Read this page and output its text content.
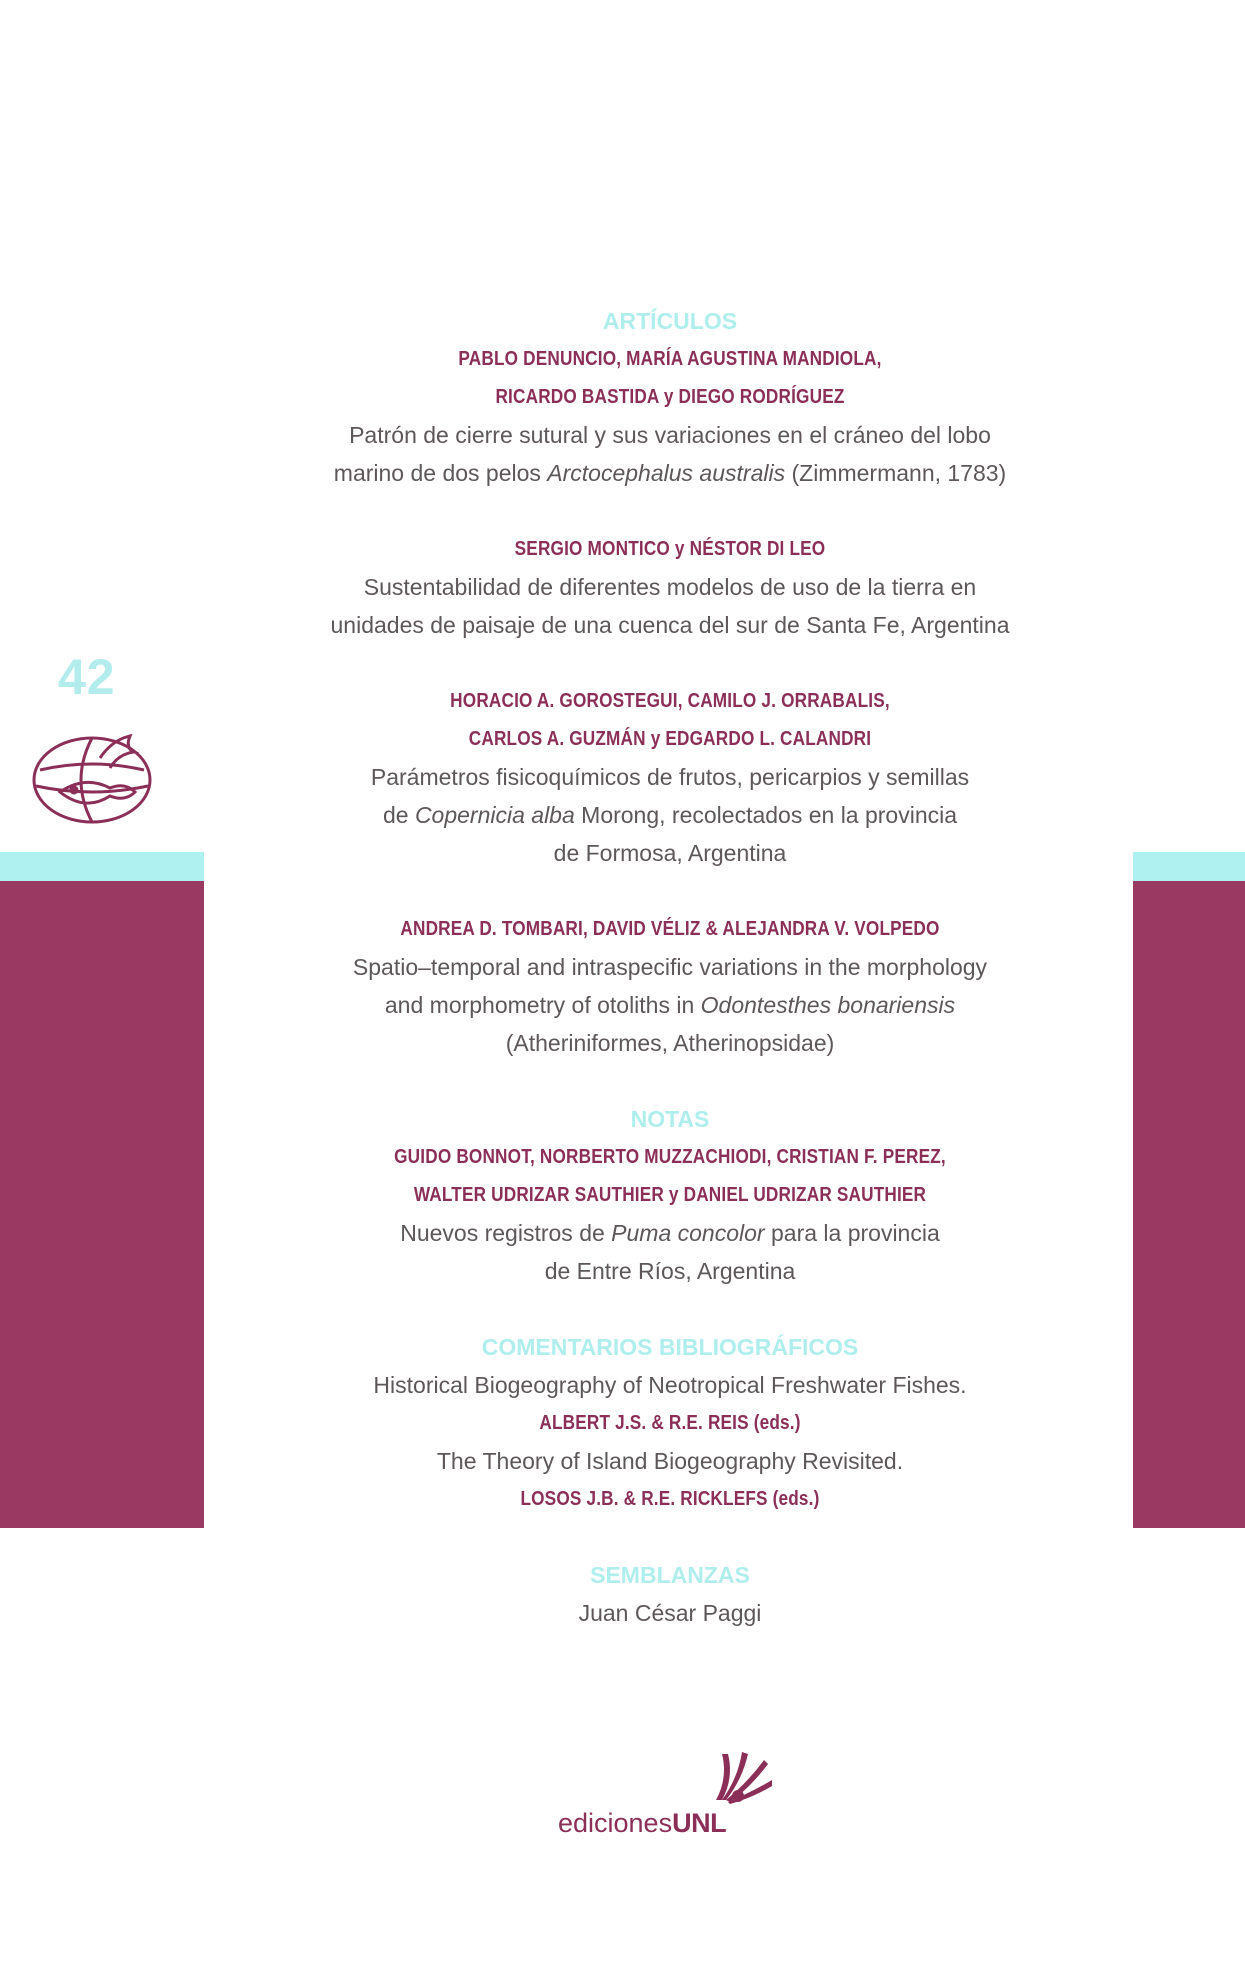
42
ARTÍCULOS
PABLO DENUNCIO, MARÍA AGUSTINA MANDIOLA,
RICARDO BASTIDA y DIEGO RODRÍGUEZ
Patrón de cierre sutural y sus variaciones en el cráneo del lobo
marino de dos pelos Arctocephalus australis (Zimmermann, 1783)
SERGIO MONTICO y NÉSTOR DI LEO
Sustentabilidad de diferentes modelos de uso de la tierra en
unidades de paisaje de una cuenca del sur de Santa Fe, Argentina
HORACIO A. GOROSTEGUI, CAMILO J. ORRABALIS,
CARLOS A. GUZMÁN y EDGARDO L. CALANDRI
Parámetros fisicoquímicos de frutos, pericarpios y semillas
de Copernicia alba Morong, recolectados en la provincia
de Formosa, Argentina
ANDREA D. TOMBARI, DAVID VÉLIZ & ALEJANDRA V. VOLPEDO
Spatio–temporal and intraspecific variations in the morphology
and morphometry of otoliths in Odontesthes bonariensis
(Atheriniformes, Atherinopsidae)
NOTAS
GUIDO BONNOT, NORBERTO MUZZACHIODI, CRISTIAN F. PEREZ,
WALTER UDRIZAR SAUTHIER y DANIEL UDRIZAR SAUTHIER
Nuevos registros de Puma concolor para la provincia
de Entre Ríos, Argentina
COMENTARIOS BIBLIOGRÁFICOS
Historical Biogeography of Neotropical Freshwater Fishes.
ALBERT J.S. & R.E. REIS (eds.)
The Theory of Island Biogeography Revisited.
LOSOS J.B. & R.E. RICKLEFS (eds.)
SEMBLANZAS
Juan César Paggi
edicionesUNL
